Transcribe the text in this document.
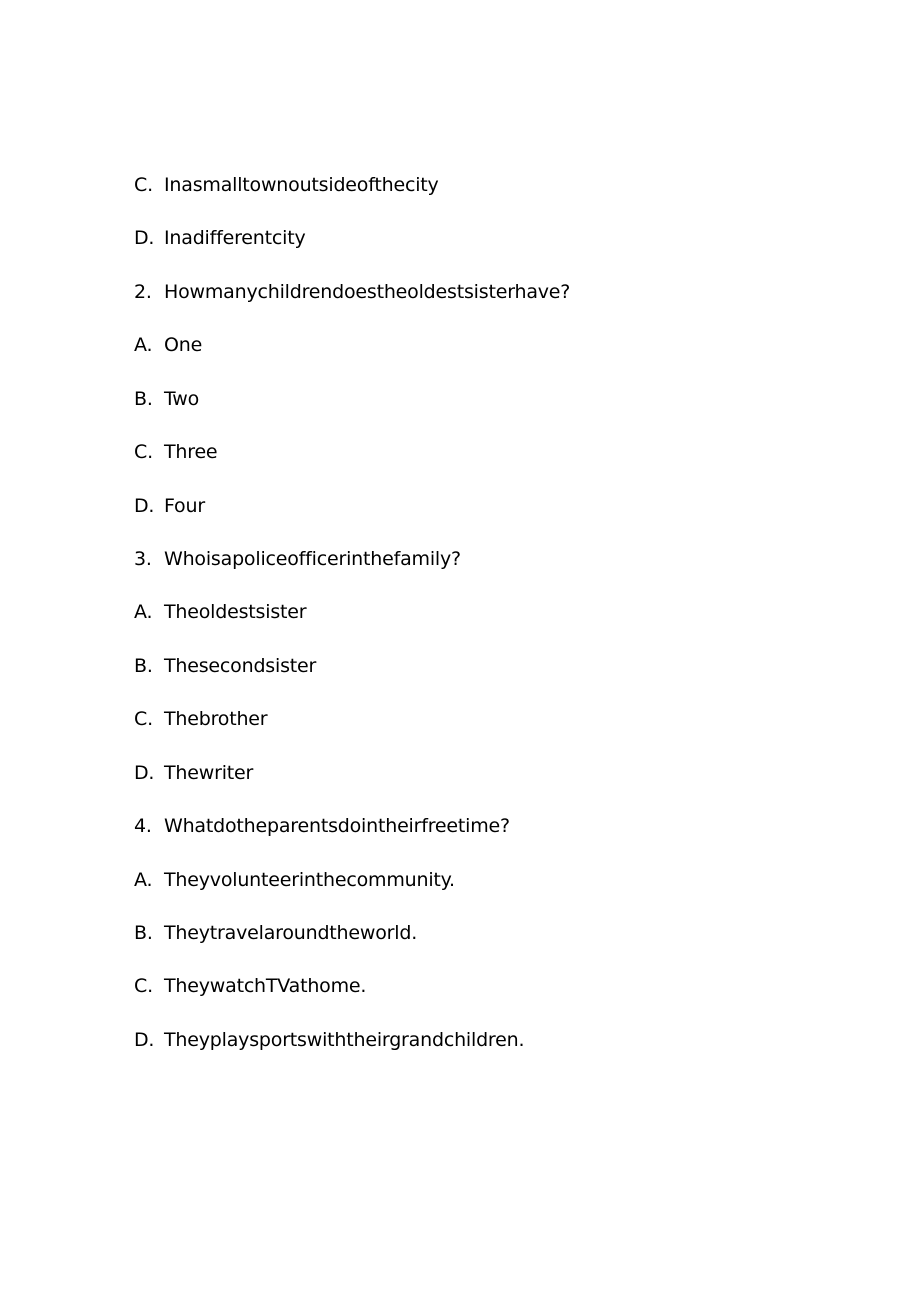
C. Inasmalltownoutsideofthecity
D. Inadifferentcity
2. Howmanychildrendoestheoldestsisterhave?
A. One
B. Two
C. Three
D. Four
3. Whoisapoliceofficerinthefamily?
A. Theoldestsister
B. Thesecondsister
C. Thebrother
D. Thewriter
4. Whatdotheparentsdointheirfreetime?
A. Theyvolunteerinthecommunity.
B. Theytravelaroundtheworld.
C. TheywatchTVathome.
D. Theyplaysportswiththeirgrandchildren.
